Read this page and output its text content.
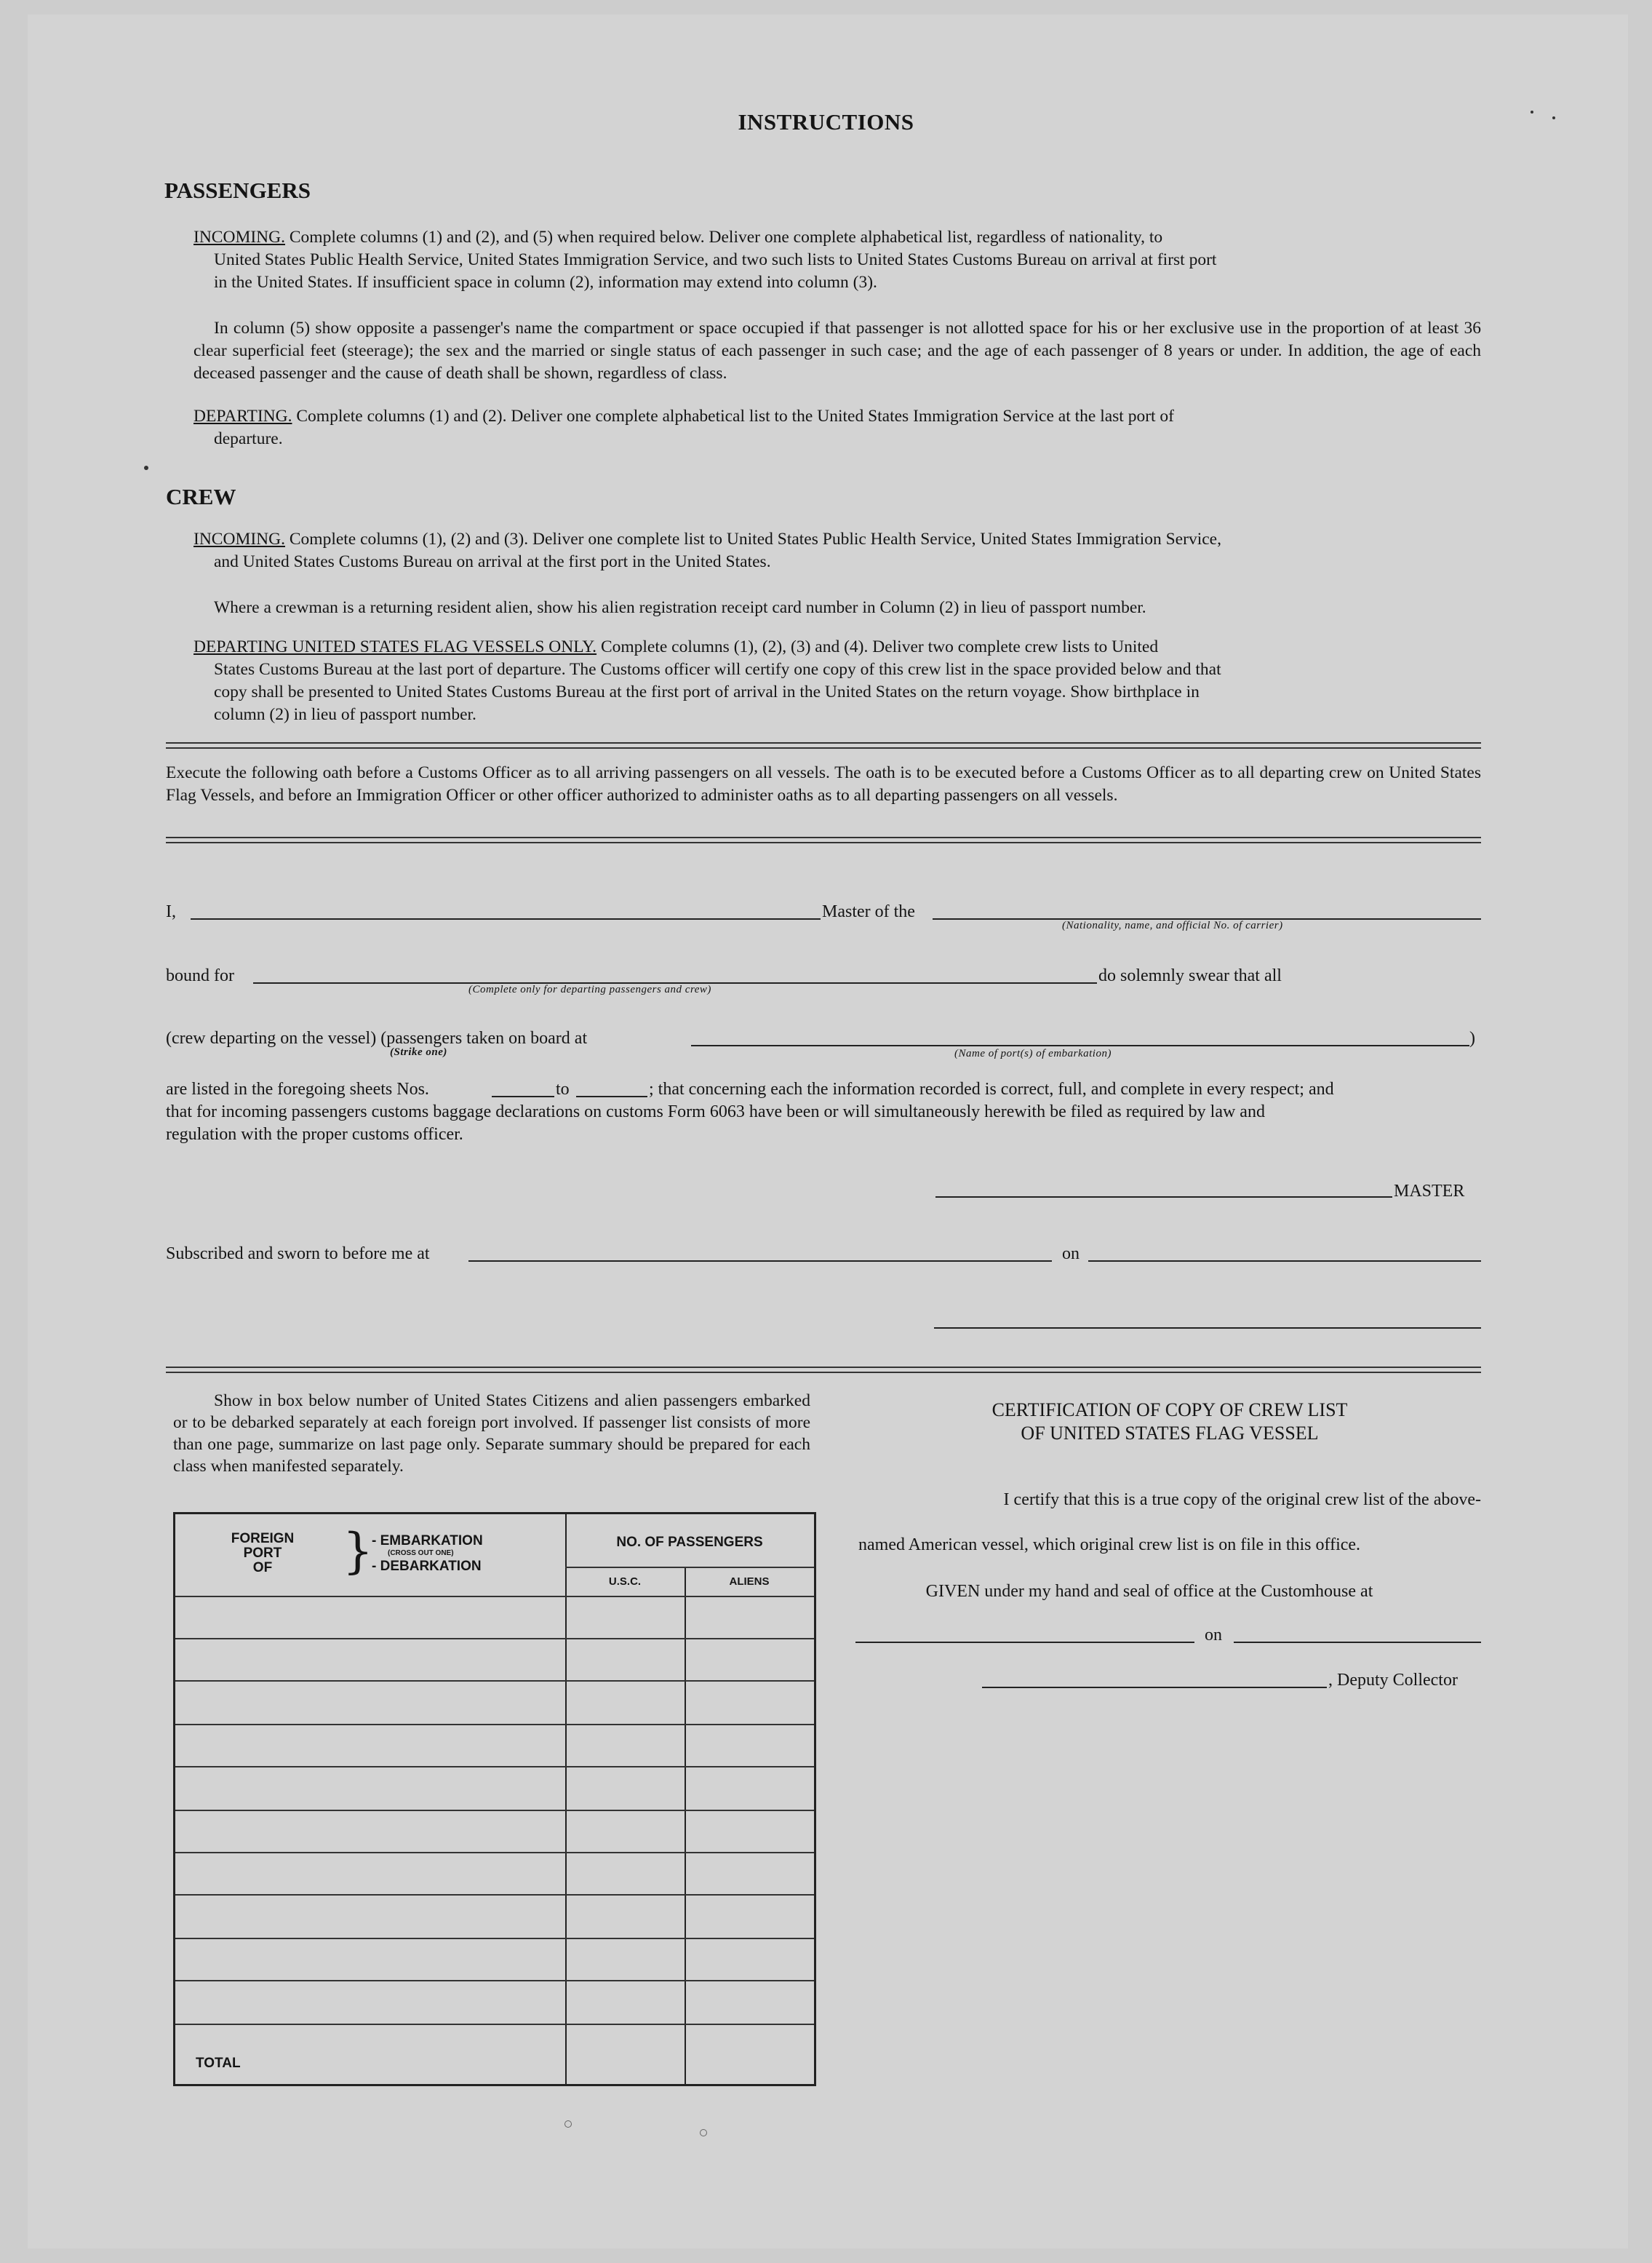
INSTRUCTIONS
PASSENGERS
INCOMING. Complete columns (1) and (2), and (5) when required below. Deliver one complete alphabetical list, regardless of nationality, to
United States Public Health Service, United States Immigration Service, and two such lists to United States Customs Bureau on arrival at first port
in the United States. If insufficient space in column (2), information may extend into column (3).
In column (5) show opposite a passenger's name the compartment or space occupied if that passenger is not allotted space for his or her exclusive use in the proportion of at least 36 clear superficial feet (steerage); the sex and the married or single status of each passenger in such case; and the age of each passenger of 8 years or under. In addition, the age of each deceased passenger and the cause of death shall be shown, regardless of class.
DEPARTING. Complete columns (1) and (2). Deliver one complete alphabetical list to the United States Immigration Service at the last port of
departure.
CREW
INCOMING. Complete columns (1), (2) and (3). Deliver one complete list to United States Public Health Service, United States Immigration Service,
and United States Customs Bureau on arrival at the first port in the United States.
Where a crewman is a returning resident alien, show his alien registration receipt card number in Column (2) in lieu of passport number.
DEPARTING UNITED STATES FLAG VESSELS ONLY. Complete columns (1), (2), (3) and (4). Deliver two complete crew lists to United
States Customs Bureau at the last port of departure. The Customs officer will certify one copy of this crew list in the space provided below and that
copy shall be presented to United States Customs Bureau at the first port of arrival in the United States on the return voyage. Show birthplace in
column (2) in lieu of passport number.
Execute the following oath before a Customs Officer as to all arriving passengers on all vessels. The oath is to be executed before a Customs Officer as to all departing crew on United States Flag Vessels, and before an Immigration Officer or other officer authorized to administer oaths as to all departing passengers on all vessels.
I,	Master of the
(Nationality, name, and official No. of carrier)
bound for
(Complete only for departing passengers and crew)
do solemnly swear that all
(crew departing on the vessel) (passengers taken on board at
(Strike one)	(Name of port(s) of embarkation)
)
are listed in the foregoing sheets Nos.	to	; that concerning each the information recorded is correct, full, and complete in every respect; and
that for incoming passengers customs baggage declarations on customs Form 6063 have been or will simultaneously herewith be filed as required by law and
regulation with the proper customs officer.
MASTER
Subscribed and sworn to before me at	on
Show in box below number of United States Citizens and alien passengers embarked or to be debarked separately at each foreign port involved. If passenger list consists of more than one page, summarize on last page only. Separate summary should be prepared for each class when manifested separately.
FOREIGN
PORT
OF	}
- EMBARKATION
(CROSS OUT ONE)
- DEBARKATION
NO. OF PASSENGERS
U.S.C.	ALIENS
TOTAL
CERTIFICATION OF COPY OF CREW LIST
OF UNITED STATES FLAG VESSEL
I certify that this is a true copy of the original crew list of the above-
named American vessel, which original crew list is on file in this office.
GIVEN under my hand and seal of office at the Customhouse at
on
, Deputy Collector
